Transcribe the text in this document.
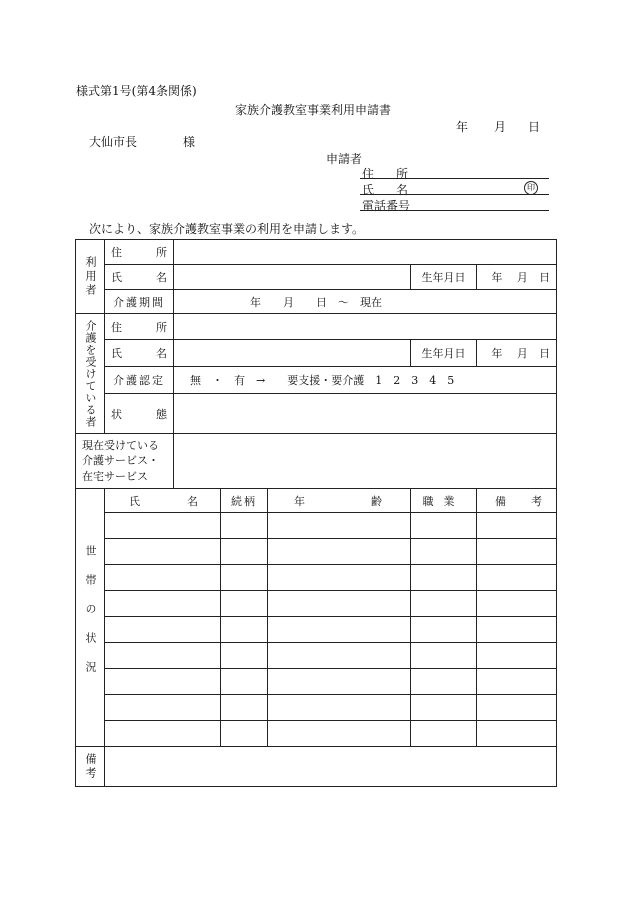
様式第1号(第4条関係)
家族介護教室事業利用申請書
年 月 日
大仙市長	様
申請者
住 所
氏 名	印
電話番号
次により、家族介護教室事業の利用を申請します。
利用者	住 所					

	氏 名				生年月日	年 月 日

	介護期間	年　　月　　日　～　現在				

介護を受けている者	住 所					

	氏 名				生年月日	年 月 日

	介護認定	無　・　有　→　　要支援・要介護　1　2　3　4　5				

	状 態					

現在受けている
介護サービス・
在宅サービス						

世帯の状況	氏 名		続柄	年 齢	職業	備 考

備考						
